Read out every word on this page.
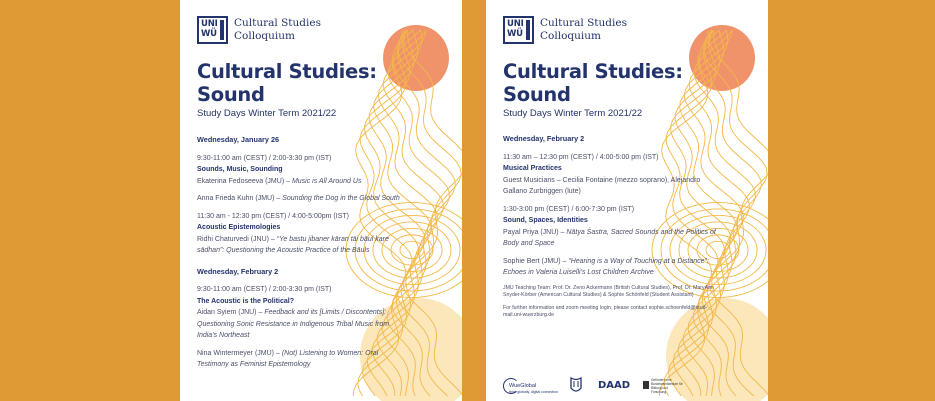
UNI
WÜ
Cultural Studies
Colloquium
Cultural Studies:
Sound
Study Days Winter Term 2021/22
Wednesday, January 26
9:30-11:00 am (CEST) / 2:00-3:30 pm (IST)
Sounds, Music, Sounding
Ekaterina Fedoseeva (JMU) – Music is All Around Us
Anna Frieda Kuhn (JMU) – Sounding the Dog in the Global South
11:30 am - 12:30 pm (CEST) / 4:00-5:00pm (IST)
Acoustic Epistemologies
Ridhi Chaturvedi (JNU) – “Ye bastu jibaner kāran tāi bāul kare sādhan”: Questioning the Acoustic Practice of the Bāuls
Wednesday, February 2
9:30-11:00 am (CEST) / 2:00-3:30 pm (IST)
The Acoustic is the Political?
Aidan Syiem (JNU) – Feedback and its [Limits / Discontents]: Questioning Sonic Resistance in Indigenous Tribal Music from India’s Northeast
Nina Wintermeyer (JMU) – (Not) Listening to Women: Oral Testimony as Feminist Epistemology
UNI
WÜ
Cultural Studies
Colloquium
Cultural Studies:
Sound
Study Days Winter Term 2021/22
Wednesday, February 2
11:30 am – 12:30 pm (CEST) / 4:00-5:00 pm (IST)
Musical Practices
Guest Musicians – Cecilia Fontaine (mezzo soprano), Alejandro Gallano Zurbriggen (lute)
1:30-3:00 pm (CEST) / 6:00-7:30 pm (IST)
Sound, Spaces, Identities
Payal Priya (JNU) – Nātya Śastra, Sacred Sounds and the Politics of Body and Space
Sophie Bert (JMU) – “Hearing is a Way of Touching at a Distance”: Echoes in Valeria Luiselli’s Lost Children Archive
JMU Teaching Team: Prof. Dr. Zeno Ackermann (British Cultural Studies), Prof. Dr. MaryAnn Snyder-Körber (American Cultural Studies) & Sophie Schönfeld (Student Assistant)
For further information and zoom meeting login, please contact sophie.schoenfeld@stud-mail.uni-wuerzburg.de
WueGlobal
think globally, digital connection
DAAD	Gefördert vom Bundesministerium für Bildung und Forschung
